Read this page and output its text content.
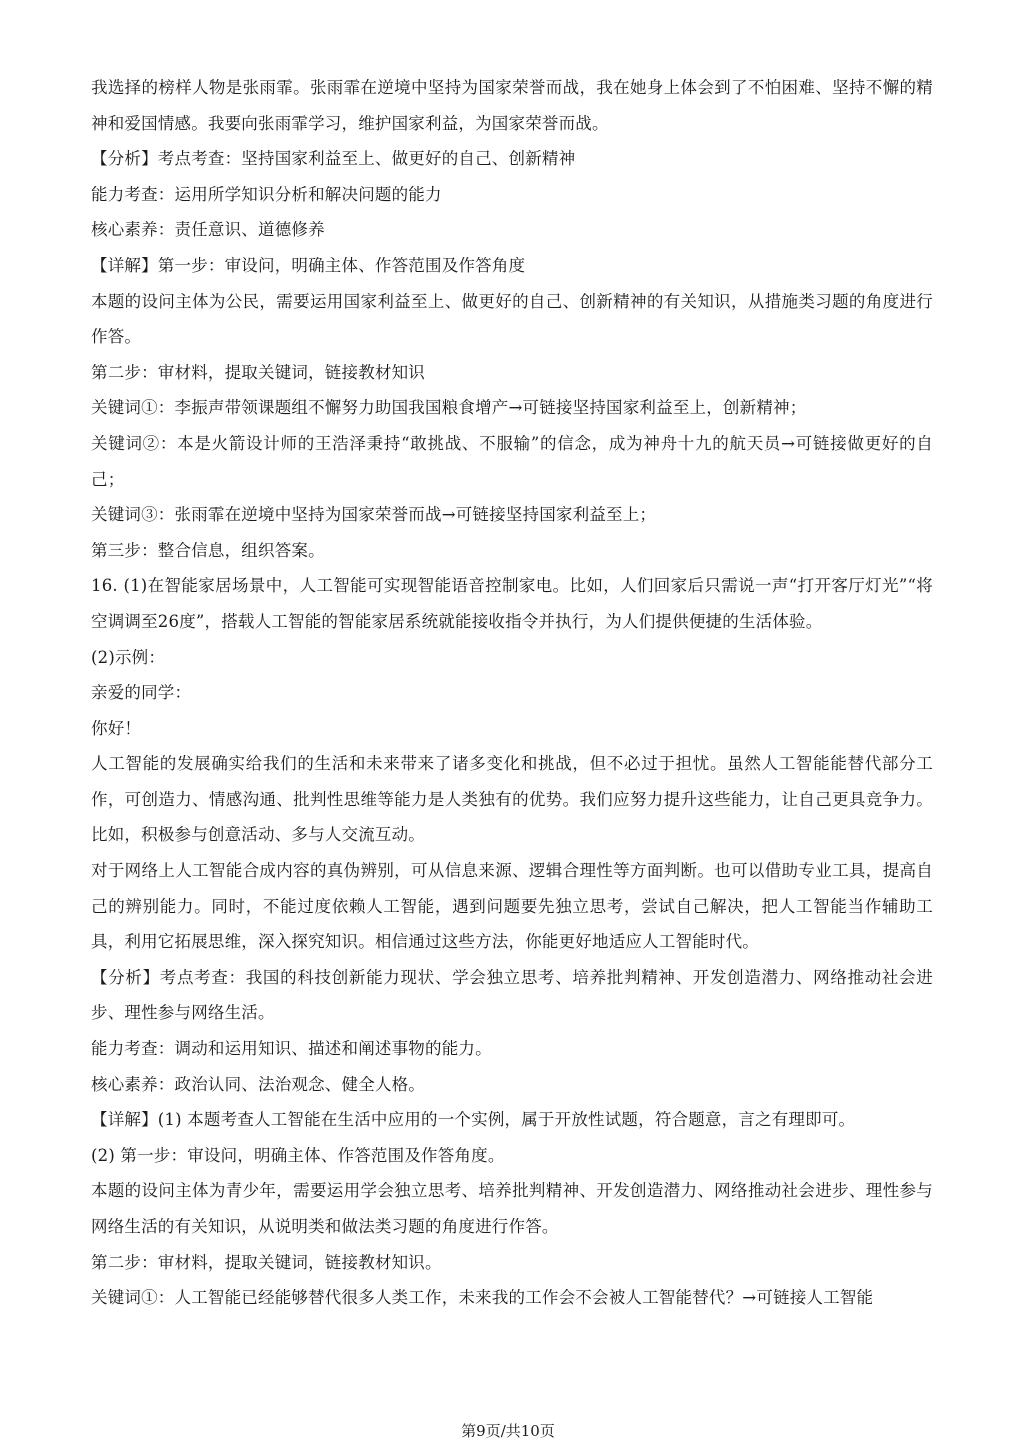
我选择的榜样人物是张雨霏。张雨霏在逆境中坚持为国家荣誉而战，我在她身上体会到了不怕困难、坚持不懈的精神和爱国情感。我要向张雨霏学习，维护国家利益，为国家荣誉而战。

【分析】考点考查：坚持国家利益至上、做更好的自己、创新精神

能力考查：运用所学知识分析和解决问题的能力

核心素养：责任意识、道德修养

【详解】第一步：审设问，明确主体、作答范围及作答角度

本题的设问主体为公民，需要运用国家利益至上、做更好的自己、创新精神的有关知识，从措施类习题的角度进行作答。

第二步：审材料，提取关键词，链接教材知识

关键词①：李振声带领课题组不懈努力助国我国粮食增产→可链接坚持国家利益至上，创新精神；

关键词②：本是火箭设计师的王浩泽秉持“敢挑战、不服输”的信念，成为神舟十九的航天员→可链接做更好的自己；

关键词③：张雨霏在逆境中坚持为国家荣誉而战→可链接坚持国家利益至上；

第三步：整合信息，组织答案。

16. (1)在智能家居场景中，人工智能可实现智能语音控制家电。比如，人们回家后只需说一声“打开客厅灯光”“将空调调至26度”，搭载人工智能的智能家居系统就能接收指令并执行，为人们提供便捷的生活体验。

(2)示例：

亲爱的同学：

你好！

人工智能的发展确实给我们的生活和未来带来了诸多变化和挑战，但不必过于担忧。虽然人工智能能替代部分工作，可创造力、情感沟通、批判性思维等能力是人类独有的优势。我们应努力提升这些能力，让自己更具竞争力。比如，积极参与创意活动、多与人交流互动。

对于网络上人工智能合成内容的真伪辨别，可从信息来源、逻辑合理性等方面判断。也可以借助专业工具，提高自己的辨别能力。同时，不能过度依赖人工智能，遇到问题要先独立思考，尝试自己解决，把人工智能当作辅助工具，利用它拓展思维，深入探究知识。相信通过这些方法，你能更好地适应人工智能时代。

【分析】考点考查：我国的科技创新能力现状、学会独立思考、培养批判精神、开发创造潜力、网络推动社会进步、理性参与网络生活。

能力考查：调动和运用知识、描述和阐述事物的能力。

核心素养：政治认同、法治观念、健全人格。

【详解】(1) 本题考查人工智能在生活中应用的一个实例，属于开放性试题，符合题意，言之有理即可。

(2) 第一步：审设问，明确主体、作答范围及作答角度。

本题的设问主体为青少年，需要运用学会独立思考、培养批判精神、开发创造潜力、网络推动社会进步、理性参与网络生活的有关知识，从说明类和做法类习题的角度进行作答。

第二步：审材料，提取关键词，链接教材知识。

关键词①：人工智能已经能够替代很多人类工作，未来我的工作会不会被人工智能替代？→可链接人工智能

第9页/共10页
